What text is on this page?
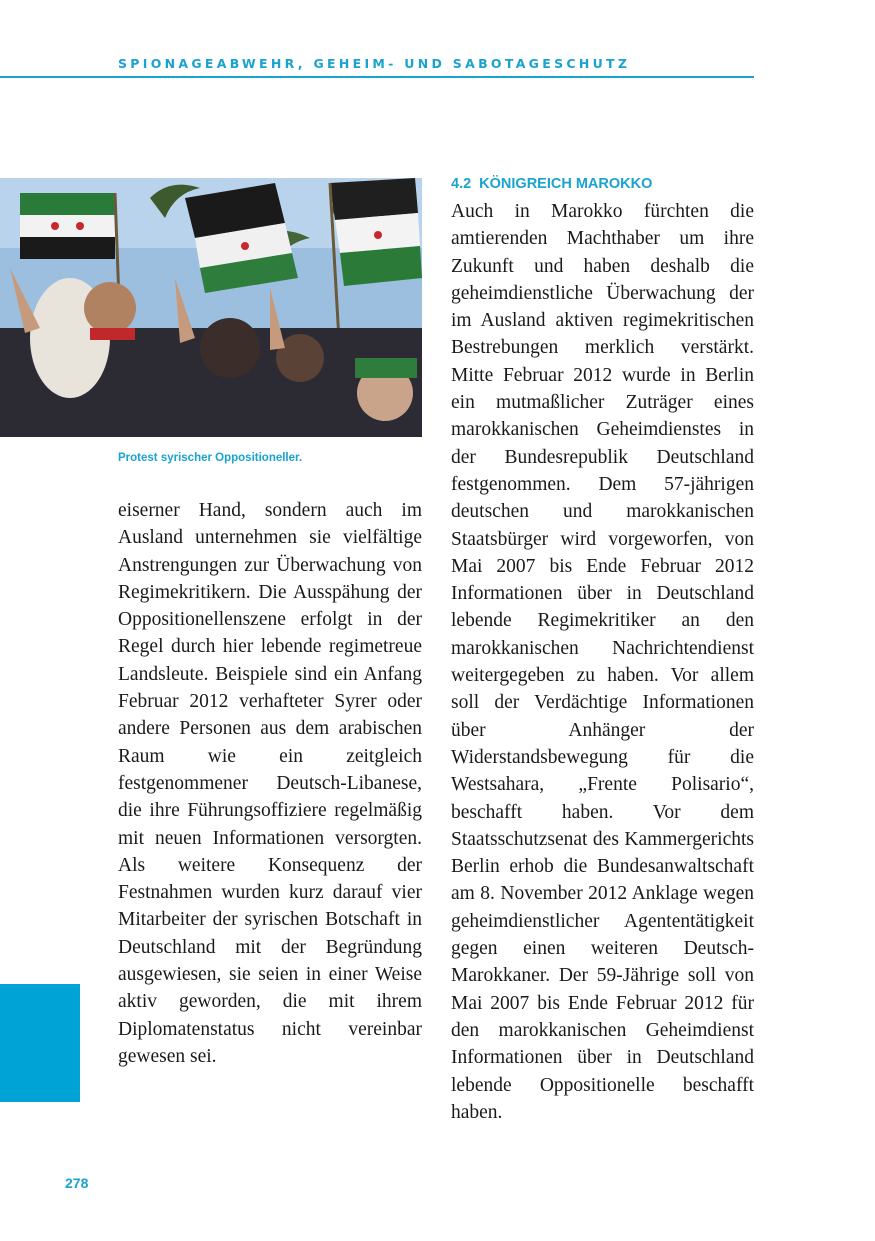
SPIONAGEABWEHR, GEHEIM- UND SABOTAGESCHUTZ
Protest syrischer Oppositioneller.
4.2 KÖNIGREICH MAROKKO
eiserner Hand, sondern auch im Ausland unternehmen sie vielfältige Anstrengungen zur Überwachung von Regimekritikern. Die Ausspähung der Oppositionellenszene erfolgt in der Regel durch hier lebende regimetreue Landsleute. Beispiele sind ein Anfang Februar 2012 verhafteter Syrer oder andere Personen aus dem arabischen Raum wie ein zeitgleich festgenommener Deutsch-Libanese, die ihre Führungsoffiziere regelmäßig mit neuen Informationen versorgten. Als weitere Konsequenz der Festnahmen wurden kurz darauf vier Mitarbeiter der syrischen Botschaft in Deutschland mit der Begründung ausgewiesen, sie seien in einer Weise aktiv geworden, die mit ihrem Diplomatenstatus nicht vereinbar gewesen sei.
Auch in Marokko fürchten die amtierenden Machthaber um ihre Zukunft und haben deshalb die geheimdienstliche Überwachung der im Ausland aktiven regimekritischen Bestrebungen merklich verstärkt. Mitte Februar 2012 wurde in Berlin ein mutmaßlicher Zuträger eines marokkanischen Geheimdienstes in der Bundesrepublik Deutschland festgenommen. Dem 57-jährigen deutschen und marokkanischen Staatsbürger wird vorgeworfen, von Mai 2007 bis Ende Februar 2012 Informationen über in Deutschland lebende Regimekritiker an den marokkanischen Nachrichtendienst weitergegeben zu haben. Vor allem soll der Verdächtige Informationen über Anhänger der Widerstandsbewegung für die Westsahara, „Frente Polisario“, beschafft haben. Vor dem Staatsschutzsenat des Kammergerichts Berlin erhob die Bundesanwaltschaft am 8. November 2012 Anklage wegen geheimdienstlicher Agententätigkeit gegen einen weiteren Deutsch-Marokkaner. Der 59-Jährige soll von Mai 2007 bis Ende Februar 2012 für den marokkanischen Geheimdienst Informationen über in Deutschland lebende Oppositionelle beschafft haben.
278
